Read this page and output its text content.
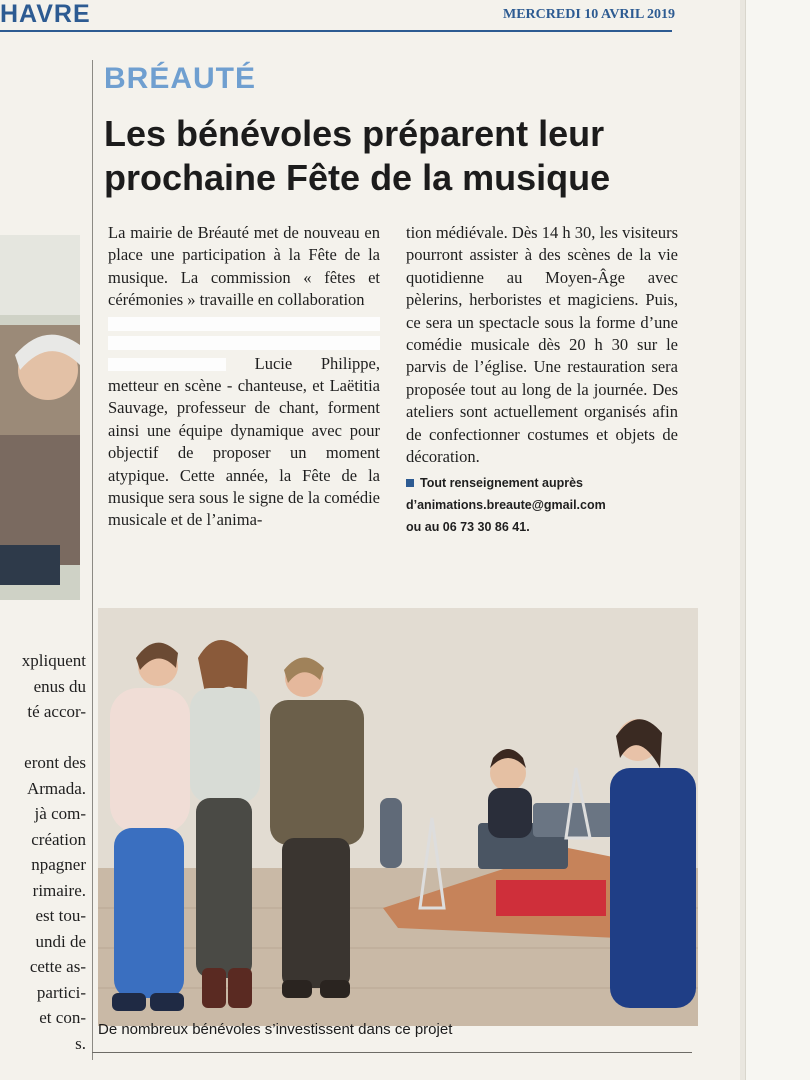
HAVRE	MERCREDI 10 AVRIL 2019
xpliquent
enus du
té accor-
eront des
Armada.
jà com-
création
npagner
rimaire.
est tou-
undi de
cette as-
partici-
et con-
s.
BRÉAUTÉ
Les bénévoles préparent leur prochaine Fête de la musique

La mairie de Bréauté met de nouveau en place une participation à la Fête de la musique. La commission « fêtes et cérémonies » travaille en collaboration

Lucie Philippe, metteur en scène - chanteuse, et Laëtitia Sauvage, professeur de chant, forment ainsi une équipe dynamique avec pour objectif de proposer un moment atypique. Cette année, la Fête de la musique sera sous le signe de la comédie musicale et de l’anima-

tion médiévale. Dès 14 h 30, les visiteurs pourront assister à des scènes de la vie quotidienne au Moyen-Âge avec pèlerins, herboristes et magiciens. Puis, ce sera un spectacle sous la forme d’une comédie musicale dès 20 h 30 sur le parvis de l’église. Une restauration sera proposée tout au long de la journée. Des ateliers sont actuellement organisés afin de confectionner costumes et objets de décoration.

Tout renseignement auprès
d’animations.breaute@gmail.com
ou au 06 73 30 86 41.

De nombreux bénévoles s’investissent dans ce projet
